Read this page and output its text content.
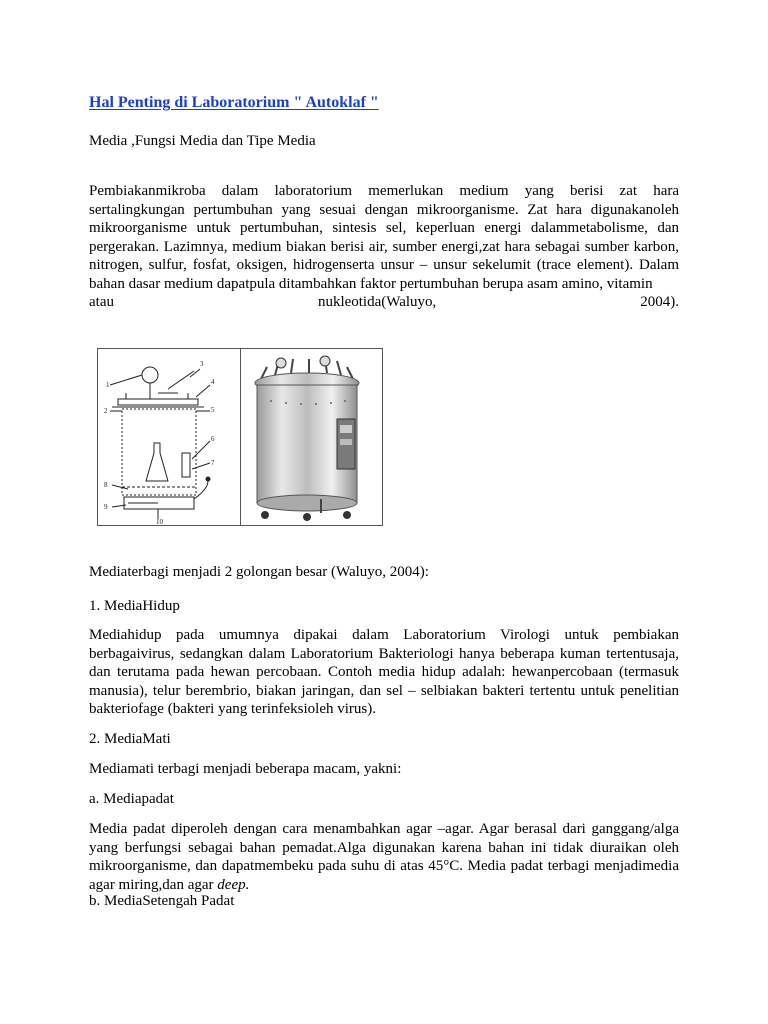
Hal Penting di Laboratorium " Autoklaf "
Media ,Fungsi Media dan Tipe Media
Pembiakanmikroba dalam laboratorium memerlukan medium yang berisi zat hara sertalingkungan pertumbuhan yang sesuai dengan mikroorganisme. Zat hara digunakanoleh mikroorganisme untuk pertumbuhan, sintesis sel, keperluan energi dalammetabolisme, dan pergerakan. Lazimnya, medium biakan berisi air, sumber energi,zat hara sebagai sumber karbon, nitrogen, sulfur, fosfat, oksigen, hidrogenserta unsur – unsur sekelumit (trace element). Dalam bahan dasar medium dapatpula ditambahkan faktor pertumbuhan berupa asam amino, vitamin
atau	nukleotida(Waluyo,	2004).
1
2
3
4
5
6
7
8
9
10
Mediaterbagi menjadi 2 golongan besar (Waluyo, 2004):
1. MediaHidup
Mediahidup pada umumnya dipakai dalam Laboratorium Virologi untuk pembiakan berbagaivirus, sedangkan dalam Laboratorium Bakteriologi hanya beberapa kuman tertentusaja, dan terutama pada hewan percobaan. Contoh media hidup adalah: hewanpercobaan (termasuk manusia), telur berembrio, biakan jaringan, dan sel – selbiakan bakteri tertentu untuk penelitian bakteriofage (bakteri yang terinfeksioleh virus).
2. MediaMati
Mediamati terbagi menjadi beberapa macam, yakni:
a. Mediapadat
Media padat diperoleh dengan cara menambahkan agar –agar. Agar berasal dari ganggang/alga yang berfungsi sebagai bahan pemadat.Alga digunakan karena bahan ini tidak diuraikan oleh mikroorganisme, dan dapatmembeku pada suhu di atas 45°C. Media padat terbagi menjadimedia agar miring,dan agar deep.
b. MediaSetengah Padat
